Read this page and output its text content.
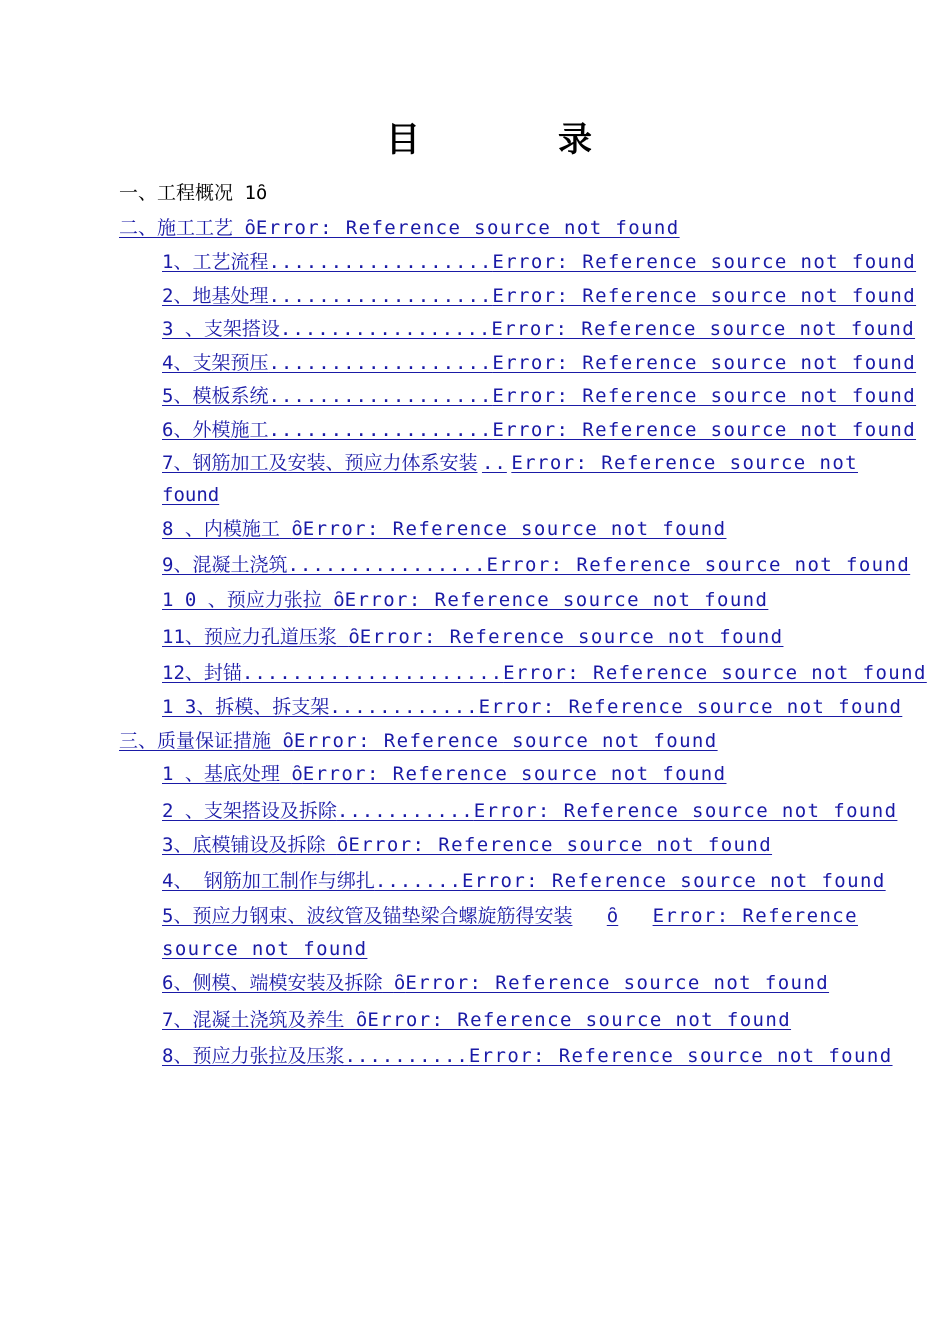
目	录
一、工程概况 1ȏ
二、施工工艺 ȏError: Reference source not found
1、工艺流程 .................. Error: Reference source not found
2、地基处理 .................. Error: Reference source not found
3 、支架搭设 ................. Error: Reference source not found
4、支架预压 .................. Error: Reference source not found
5、模板系统 .................. Error: Reference source not found
6、外模施工 .................. Error: Reference source not found
7、钢筋加工及安装、预应力体系安装 .. Error: Reference source not
found
8 、内模施工 ȏError: Reference source not found
9、混凝土浇筑 ................ Error: Reference source not found
1 0 、预应力张拉 ȏError: Reference source not found
11、预应力孔道压浆 ȏError: Reference source not found
12、封锚 ..................... Error: Reference source not found
1 3、拆模、拆支架 ............ Error: Reference source not found
三、质量保证措施 ȏError: Reference source not found
1 、基底处理 ȏError: Reference source not found
2 、支架搭设及拆除 ........... Error: Reference source not found
3、底模铺设及拆除 ȏError: Reference source not found
4、 钢筋加工制作与绑扎 ....... Error: Reference source not found
5、预应力钢束、波纹管及锚垫梁合螺旋筋得安装 ȏ Error: Reference
source not found
6、侧模、端模安装及拆除 ȏError: Reference source not found
7、混凝土浇筑及养生 ȏError: Reference source not found
8、预应力张拉及压浆 .......... Error: Reference source not found
